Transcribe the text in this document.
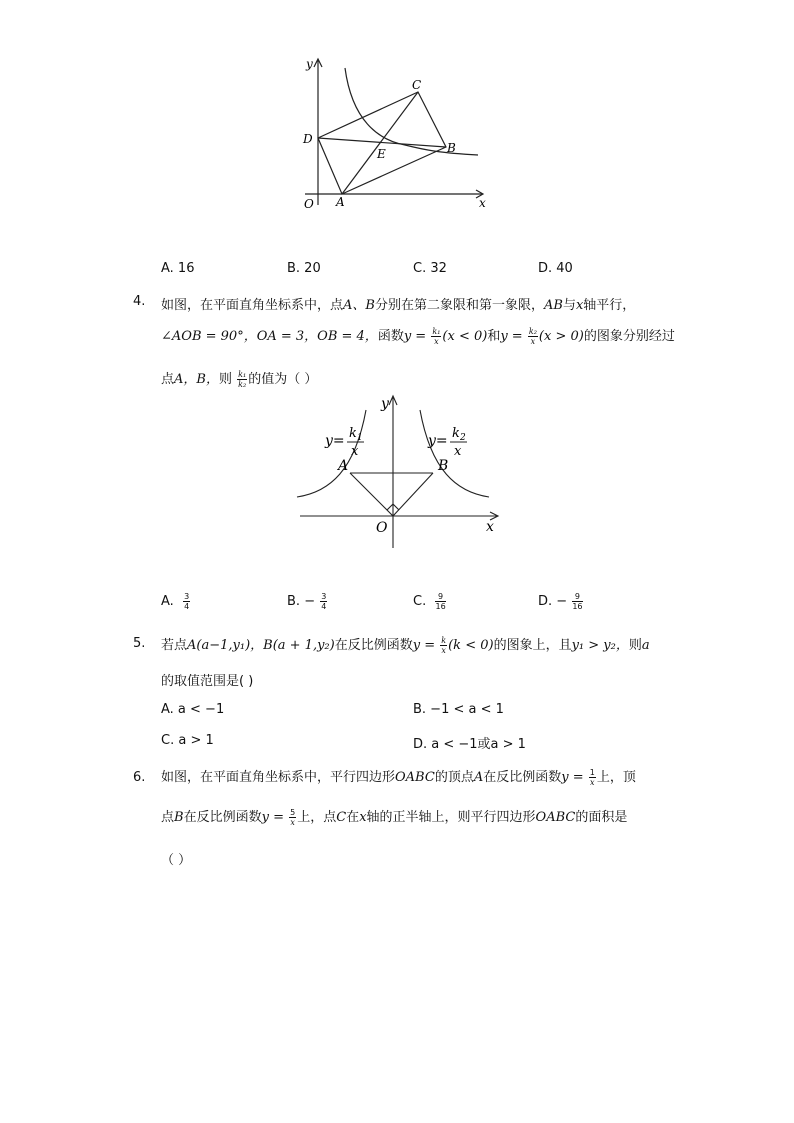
y
x
O A
B
C
D
E
A. 16	B. 20	C. 32	D. 40
4. 如图，在平面直角坐标系中，点A、B分别在第二象限和第一象限，AB与x轴平行，
∠AOB = 90°，OA = 3，OB = 4，函数$y = \frac{\text{k₁}}{x} (x < 0)$和$y = \frac{\text{k₂}}{x} (x > 0)$的图象分别经过
点A，B，则 $\frac{\text{k₁}}{\text{k₂}}$ 的值为（ ）
y
x
O
A	B
y= k 1
x
y= k 2
x
A. $\frac{3}{4}$	B. − $\frac{3}{4}$	C. $\frac{9}{16}$	D. − $\frac{9}{16}$
5. 若点A(a−1,y₁)，B(a + 1,y₂)在反比例函数$y = \frac{k}{x} (k < 0)$的图象上，且y₁ > y₂，则a
的取值范围是( )
A. a < −1	B. −1 < a < 1
C. a > 1	D. a < −1或a > 1
6. 如图，在平面直角坐标系中，平行四边形OABC的顶点A在反比例函数$y = \frac{1}{x}$ 上，顶
点B在反比例函数$y = \frac{5}{x}$ 上，点C在x轴的正半轴上，则平行四边形OABC的面积是
（ ）
